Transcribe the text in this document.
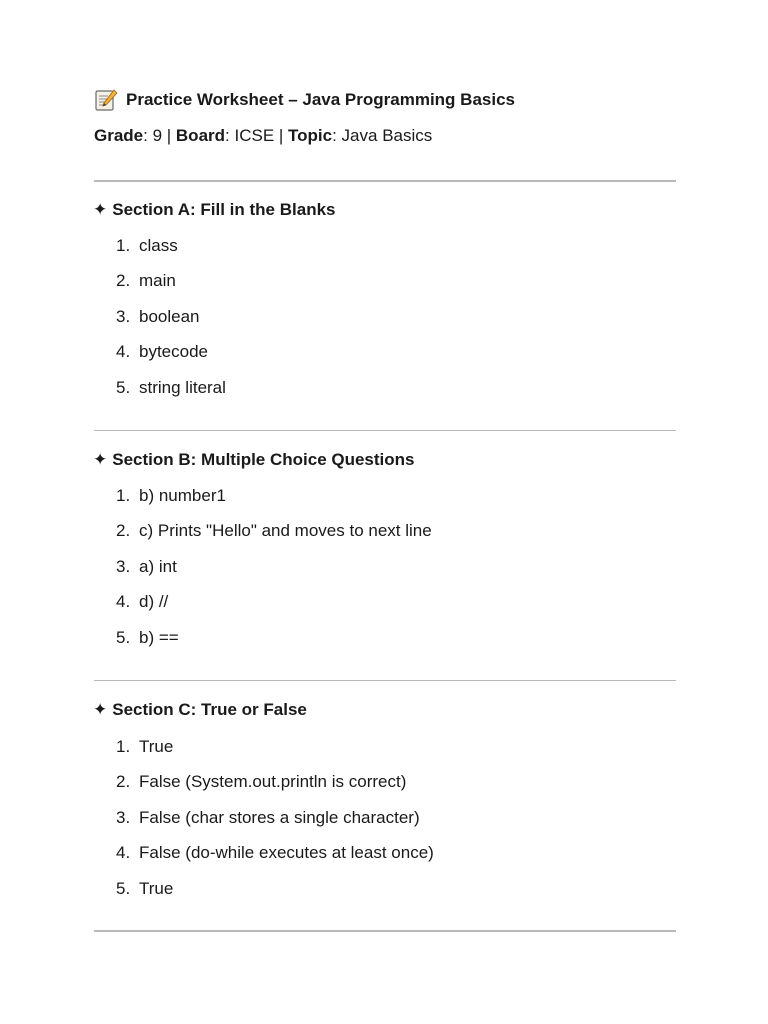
Practice Worksheet – Java Programming Basics
Grade: 9 | Board: ICSE | Topic: Java Basics
✦ Section A: Fill in the Blanks
1. class
2. main
3. boolean
4. bytecode
5. string literal
✦ Section B: Multiple Choice Questions
1. b) number1
2. c) Prints "Hello" and moves to next line
3. a) int
4. d) //
5. b) ==
✦ Section C: True or False
1. True
2. False (System.out.println is correct)
3. False (char stores a single character)
4. False (do-while executes at least once)
5. True
